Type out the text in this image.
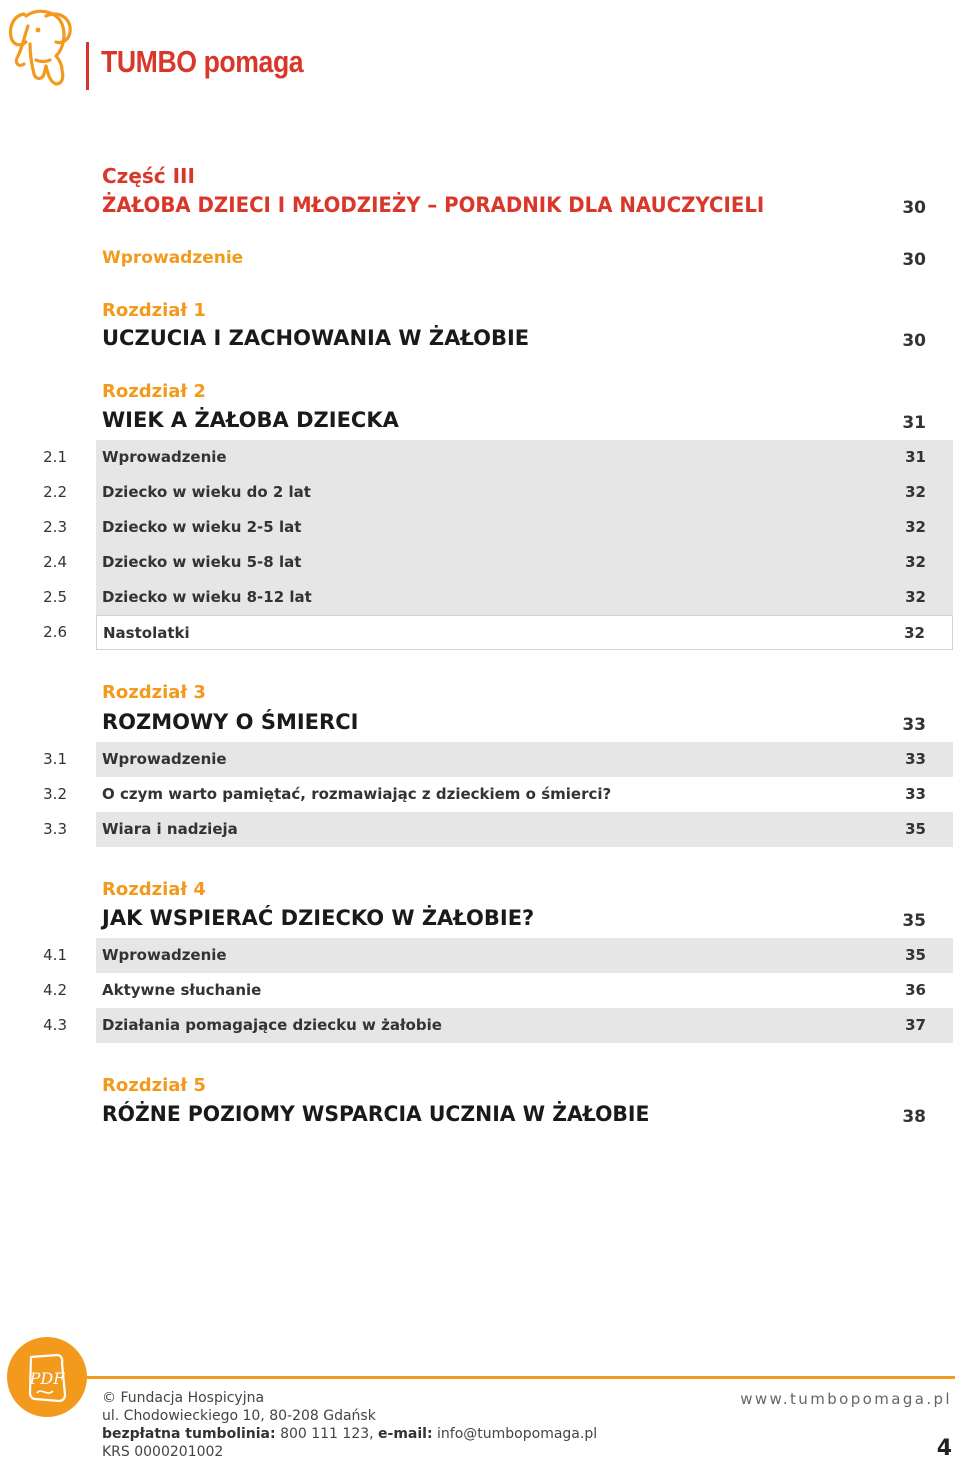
TUMBO pomaga
Część III
ŻAŁOBA DZIECI I MŁODZIEŻY – PORADNIK DLA NAUCZYCIELI	30
Wprowadzenie	30
Rozdział 1
UCZUCIA I ZACHOWANIA W ŻAŁOBIE	30
Rozdział 2
WIEK A ŻAŁOBA DZIECKA	31
2.1 Wprowadzenie	31
2.2 Dziecko w wieku do 2 lat	32
2.3 Dziecko w wieku 2-5 lat	32
2.4 Dziecko w wieku 5-8 lat	32
2.5 Dziecko w wieku 8-12 lat	32
2.6 Nastolatki	32
Rozdział 3
ROZMOWY O ŚMIERCI	33
3.1 Wprowadzenie	33
3.2 O czym warto pamiętać, rozmawiając z dzieckiem o śmierci?	33
3.3 Wiara i nadzieja	35
Rozdział 4
JAK WSPIERAĆ DZIECKO W ŻAŁOBIE?	35
4.1 Wprowadzenie	35
4.2 Aktywne słuchanie	36
4.3 Działania pomagające dziecku w żałobie	37
Rozdział 5
RÓŻNE POZIOMY WSPARCIA UCZNIA W ŻAŁOBIE	38
PDF
© Fundacja Hospicyjna
ul. Chodowieckiego 10, 80-208 Gdańsk
bezpłatna tumbolinia: 800 111 123, e-mail: info@tumbopomaga.pl
KRS 0000201002
www.tumbopomaga.pl
4
